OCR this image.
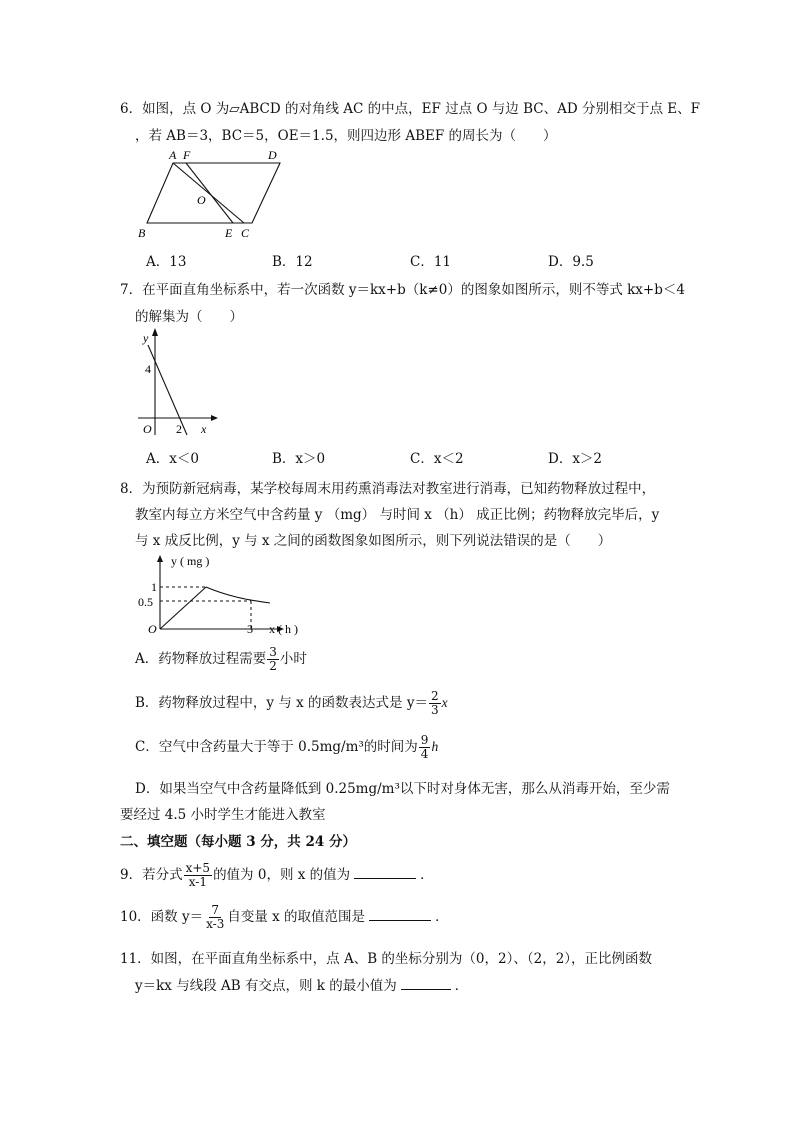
6．如图，点 O 为▱ABCD 的对角线 AC 的中点，EF 过点 O 与边 BC、AD 分别相交于点 E、F
，若 AB＝3，BC＝5，OE＝1.5，则四边形 ABEF 的周长为（　　）
A F	D
O
B	E C
A．13	B．12	C．11	D．9.5
7．在平面直角坐标系中，若一次函数 y＝kx+b（k≠0）的图象如图所示，则不等式 kx+b＜4
的解集为（　　）
y
4
O 2 x
A．x＜0	B．x＞0	C．x＜2	D．x＞2
8．为预防新冠病毒，某学校每周末用药熏消毒法对教室进行消毒，已知药物释放过程中，
教室内每立方米空气中含药量 y （mg） 与时间 x （h） 成正比例；药物释放完毕后，y
与 x 成反比例，y 与 x 之间的函数图象如图所示，则下列说法错误的是（　　）
y ( mg )
1
0.5
O	3 x ( h )
A．药物释放过程需要 $\frac{3}{2}$ 小时
B．药物释放过程中，y 与 x 的函数表达式是 $y= \frac{2}{3}$ x
C．空气中含药量大于等于 0.5mg/m³的时间为 $\frac{9}{4}$ h
D．如果当空气中含药量降低到 0.25mg/m³以下时对身体无害，那么从消毒开始，至少需
要经过 4.5 小时学生才能进入教室
二、填空题（每小题 3 分，共 24 分）
9．若分式 $\frac{x+5}{x-1}$ 的值为 0，则 x 的值为	．
10．函数 $y= \frac{7}{x-3}$ 自变量 x 的取值范围是	．
11．如图，在平面直角坐标系中，点 A、B 的坐标分别为（0，2）、（2，2），正比例函数
y＝kx 与线段 AB 有交点，则 k 的最小值为	．
